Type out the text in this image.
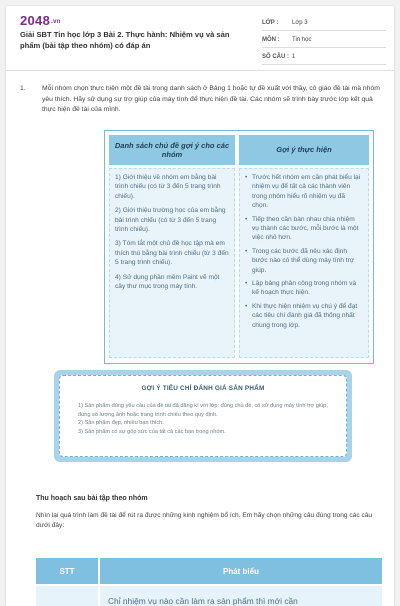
2048.vn
Giải SBT Tin học lớp 3 Bài 2. Thực hành: Nhiệm vụ và sản phẩm (bài tập theo nhóm) có đáp án
LỚP :	Lớp 3
MÔN :	Tin học
SỐ CÂU : 1
1. Mỗi nhóm chọn thực hiện một đề tài trong danh sách ở Bảng 1 hoặc tự đề xuất với thầy, cô giáo đề tài mà nhóm yêu thích. Hãy sử dụng sự trợ giúp của máy tính để thực hiện đề tài. Các nhóm sẽ trình bày trước lớp kết quả thực hiện đề tài của mình.
Danh sách chủ đề gợi ý cho các nhóm

1) Giới thiệu về nhóm em bằng bài trình chiếu (có từ 3 đến 5 trang trình chiếu).

2) Giới thiệu trường học của em bằng bài trình chiếu (có từ 3 đến 5 trang trình chiếu).

3) Tóm tắt một chủ đề học tập mà em thích thú bằng bài trình chiếu (từ 3 đến 5 trang trình chiếu).

4) Sử dụng phần mềm Paint vẽ một cây thư mục trong máy tính.

Gợi ý thực hiện
• Trước hết nhóm em cần phát biểu lại nhiệm vụ để tất cả các thành viên trong nhóm hiểu rõ nhiệm vụ đã chọn.
• Tiếp theo cần bàn nhau chia nhiệm vụ thành các bước, mỗi bước là một việc nhỏ hơn.
• Trong các bước đã nêu xác định bước nào có thể dùng máy tính trợ giúp.
• Lập bảng phân công trong nhóm và kế hoạch thực hiện.
• Khi thực hiện nhiệm vụ chú ý để đạt các tiêu chí đánh giá đã thống nhất chung trong lớp.
GỢI Ý TIÊU CHÍ ĐÁNH GIÁ SẢN PHẨM

1) Sản phẩm đúng yêu cầu của đề tài đã đăng kí với lớp: đúng chủ đề, có sử dụng máy tính trợ giúp, đúng số lượng ảnh hoặc trang trình chiếu theo quy định.

2) Sản phẩm đẹp, nhiều bạn thích.

3) Sản phẩm có sự góp sức của tất cả các bạn trong nhóm.

Thu hoạch sau bài tập theo nhóm
Nhìn lại quá trình làm đề tài để rút ra được những kinh nghiệm bổ ích. Em hãy chọn những câu đúng trong các câu dưới đây:
STT	Phát biểu
Chỉ nhiệm vụ nào cần làm ra sản phẩm thì mới cần
